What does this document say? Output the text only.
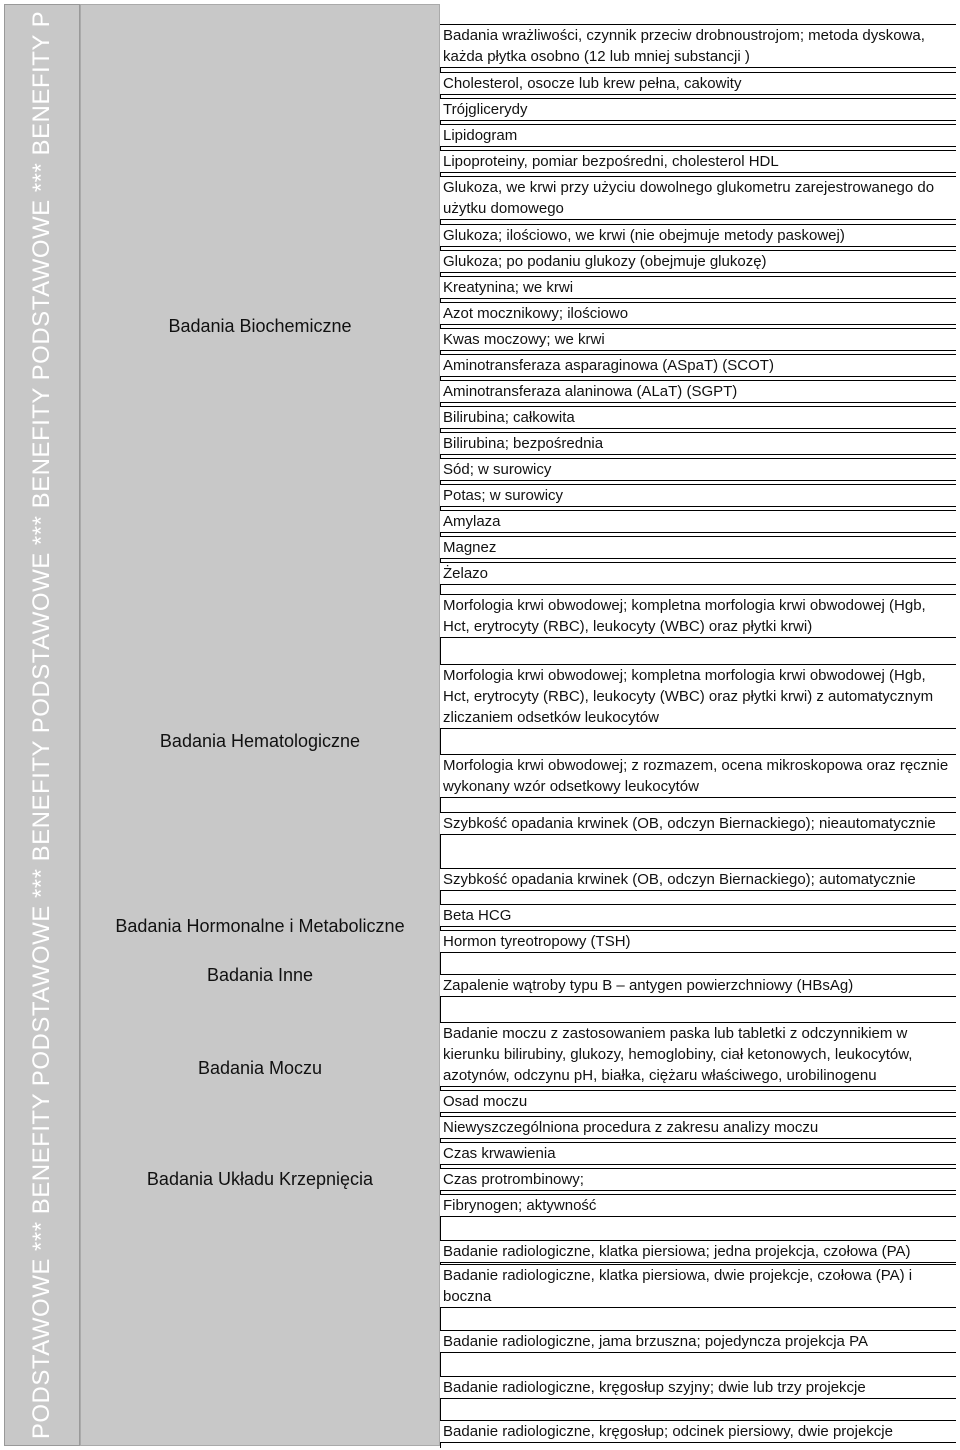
PODSTAWOWE *** BENEFITY PODSTAWOWE *** BENEFITY PODSTAWOWE *** BENEFITY PODSTAWOWE *** BENEFITY P	Badania Biochemiczne
Badania Hematologiczne
Badania Hormonalne i Metaboliczne
Badania Inne
Badania Moczu
Badania Układu Krzepnięcia
Badania wrażliwości, czynnik przeciw drobnoustrojom; metoda dyskowa, każda płytka osobno (12 lub mniej substancji )
Cholesterol, osocze lub krew pełna, cakowity
Trójglicerydy
Lipidogram
Lipoproteiny, pomiar bezpośredni, cholesterol HDL
Glukoza, we krwi przy użyciu dowolnego glukometru zarejestrowanego do użytku domowego
Glukoza; ilościowo, we krwi (nie obejmuje metody paskowej)
Glukoza; po podaniu glukozy (obejmuje glukozę)
Kreatynina; we krwi
Azot mocznikowy; ilościowo
Kwas moczowy; we krwi
Aminotransferaza asparaginowa (ASpaT) (SCOT)
Aminotransferaza alaninowa (ALaT) (SGPT)
Bilirubina; całkowita
Bilirubina; bezpośrednia
Sód; w surowicy
Potas; w surowicy
Amylaza
Magnez
Żelazo
Morfologia krwi obwodowej; kompletna morfologia krwi obwodowej (Hgb, Hct, erytrocyty (RBC), leukocyty (WBC) oraz płytki krwi)
Morfologia krwi obwodowej; kompletna morfologia krwi obwodowej (Hgb, Hct, erytrocyty (RBC), leukocyty (WBC) oraz płytki krwi) z automatycznym zliczaniem odsetków leukocytów
Morfologia krwi obwodowej; z rozmazem, ocena mikroskopowa oraz ręcznie wykonany wzór odsetkowy leukocytów
Szybkość opadania krwinek (OB, odczyn Biernackiego); nieautomatycznie
Szybkość opadania krwinek (OB, odczyn Biernackiego); automatycznie
Beta HCG
Hormon tyreotropowy (TSH)
Zapalenie wątroby typu B – antygen powierzchniowy (HBsAg)
Badanie moczu z zastosowaniem paska lub tabletki z odczynnikiem w kierunku bilirubiny, glukozy, hemoglobiny, ciał ketonowych, leukocytów, azotynów, odczynu pH, białka, ciężaru właściwego, urobilinogenu
Osad moczu
Niewyszczególniona procedura z zakresu analizy moczu
Czas krwawienia
Czas protrombinowy;
Fibrynogen; aktywność
Badanie radiologiczne, klatka piersiowa; jedna projekcja, czołowa (PA)
Badanie radiologiczne, klatka piersiowa, dwie projekcje, czołowa (PA) i boczna
Badanie radiologiczne, jama brzuszna; pojedyncza projekcja PA
Badanie radiologiczne, kręgosłup szyjny; dwie lub trzy projekcje
Badanie radiologiczne, kręgosłup; odcinek piersiowy, dwie projekcje
